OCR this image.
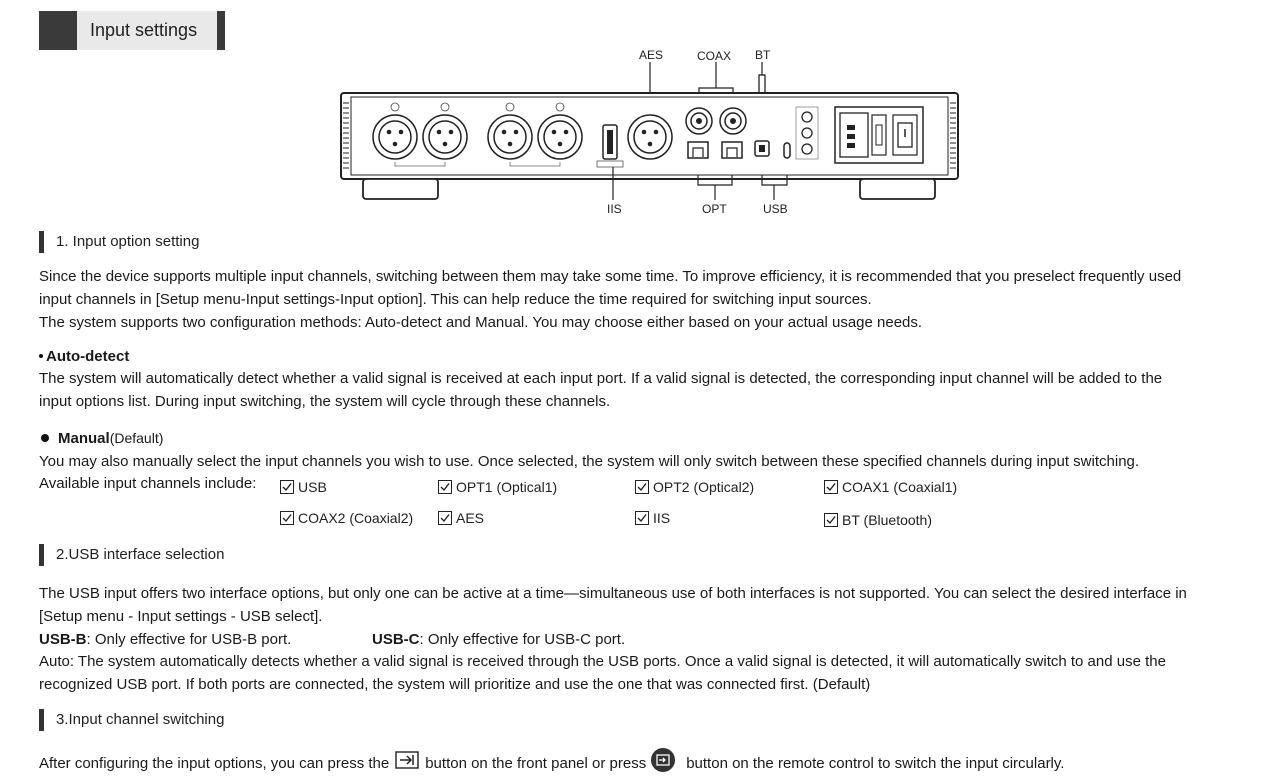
Input settings
AES	COAX BT
IIS	OPT	USB
1. Input option setting
Since the device supports multiple input channels, switching between them may take some time. To improve efficiency, it is recommended that you preselect frequently used
input channels in [Setup menu-Input settings-Input option]. This can help reduce the time required for switching input sources.
The system supports two configuration methods: Auto-detect and Manual. You may choose either based on your actual usage needs.
Auto-detect
The system will automatically detect whether a valid signal is received at each input port. If a valid signal is detected, the corresponding input channel will be added to the
input options list. During input switching, the system will cycle through these channels.
Manual(Default)
You may also manually select the input channels you wish to use. Once selected, the system will only switch between these specified channels during input switching.
Available input channels include:	USB	OPT1 (Optical1)	OPT2 (Optical2)	COAX1 (Coaxial1)
COAX2 (Coaxial2)	AES	IIS	BT (Bluetooth)
2.USB interface selection
The USB input offers two interface options, but only one can be active at a time—simultaneous use of both interfaces is not supported. You can select the desired interface in
[Setup menu - Input settings - USB select].
USB-B: Only effective for USB-B port.	USB-C: Only effective for USB-C port.
Auto: The system automatically detects whether a valid signal is received through the USB ports. Once a valid signal is detected, it will automatically switch to and use the
recognized USB port. If both ports are connected, the system will prioritize and use the one that was connected first. (Default)
3.Input channel switching
After configuring the input options, you can press the button on the front panel or press	button on the remote control to switch the input circularly.
